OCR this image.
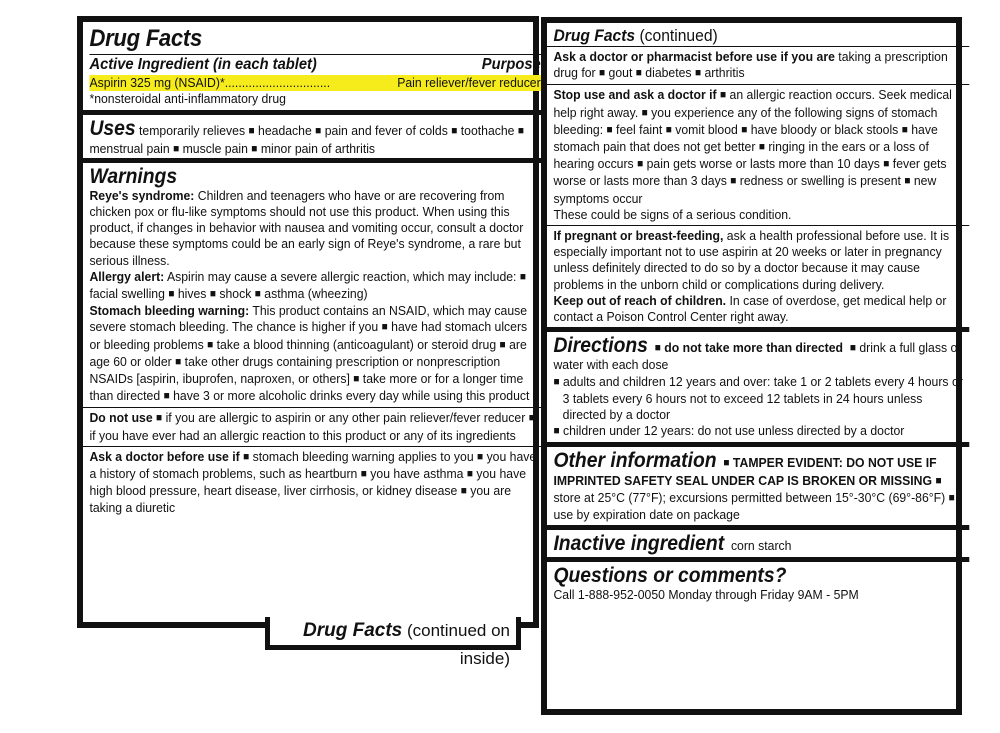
Drug Facts
Active Ingredient (in each tablet)	Purpose
Aspirin 325 mg (NSAID)*...............................	Pain reliever/fever reducer
*nonsteroidal anti-inflammatory drug
Uses temporarily relieves ■ headache ■ pain and fever of colds ■ toothache ■ menstrual pain ■ muscle pain ■ minor pain of arthritis
Warnings
Reye's syndrome: Children and teenagers who have or are recovering from chicken pox or flu-like symptoms should not use this product. When using this product, if changes in behavior with nausea and vomiting occur, consult a doctor because these symptoms could be an early sign of Reye's syndrome, a rare but serious illness.
Allergy alert: Aspirin may cause a severe allergic reaction, which may include: ■ facial swelling ■ hives ■ shock ■ asthma (wheezing)
Stomach bleeding warning: This product contains an NSAID, which may cause severe stomach bleeding. The chance is higher if you ■ have had stomach ulcers or bleeding problems ■ take a blood thinning (anticoagulant) or steroid drug ■ are age 60 or older ■ take other drugs containing prescription or nonprescription NSAIDs [aspirin, ibuprofen, naproxen, or others] ■ take more or for a longer time than directed ■ have 3 or more alcoholic drinks every day while using this product
Do not use ■ if you are allergic to aspirin or any other pain reliever/fever reducer ■ if you have ever had an allergic reaction to this product or any of its ingredients
Ask a doctor before use if ■ stomach bleeding warning applies to you ■ you have a history of stomach problems, such as heartburn ■ you have asthma ■ you have high blood pressure, heart disease, liver cirrhosis, or kidney disease ■ you are taking a diuretic
Drug Facts (continued on inside)
Drug Facts (continued)
Ask a doctor or pharmacist before use if you are taking a prescription drug for ■ gout ■ diabetes ■ arthritis
Stop use and ask a doctor if ■ an allergic reaction occurs. Seek medical help right away. ■ you experience any of the following signs of stomach bleeding: ■ feel faint ■ vomit blood ■ have bloody or black stools ■ have stomach pain that does not get better ■ ringing in the ears or a loss of hearing occurs ■ pain gets worse or lasts more than 10 days ■ fever gets worse or lasts more than 3 days ■ redness or swelling is present ■ new symptoms occur
These could be signs of a serious condition.
If pregnant or breast-feeding, ask a health professional before use. It is especially important not to use aspirin at 20 weeks or later in pregnancy unless definitely directed to do so by a doctor because it may cause problems in the unborn child or complications during delivery.
Keep out of reach of children. In case of overdose, get medical help or contact a Poison Control Center right away.
Directions ■ do not take more than directed ■ drink a full glass of water with each dose
■ adults and children 12 years and over: take 1 or 2 tablets every 4 hours or 3 tablets every 6 hours not to exceed 12 tablets in 24 hours unless directed by a doctor
■ children under 12 years: do not use unless directed by a doctor
Other information ■ TAMPER EVIDENT: DO NOT USE IF IMPRINTED SAFETY SEAL UNDER CAP IS BROKEN OR MISSING ■ store at 25°C (77°F); excursions permitted between 15°-30°C (69°-86°F) ■ use by expiration date on package
Inactive ingredient corn starch
Questions or comments?
Call 1-888-952-0050 Monday through Friday 9AM - 5PM
